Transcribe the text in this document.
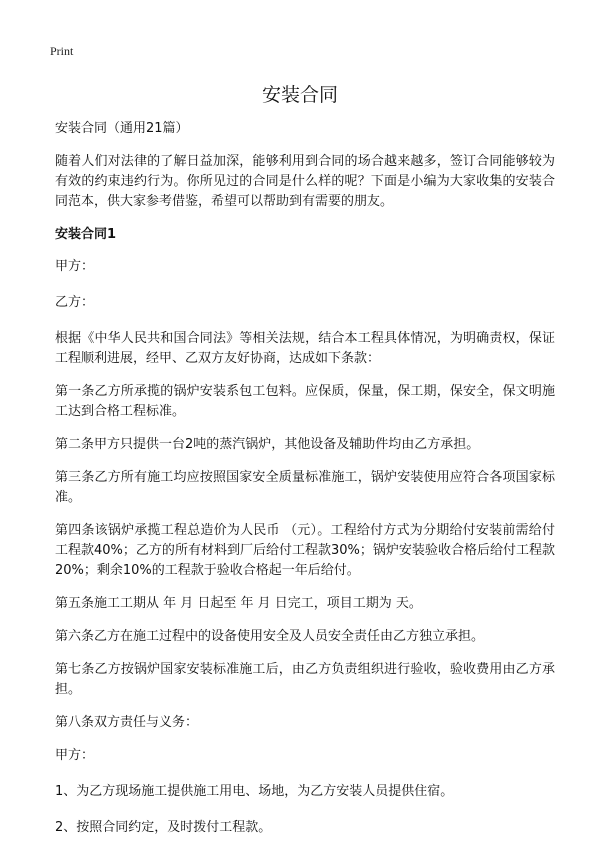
Print
安装合同

安装合同（通用21篇）

随着人们对法律的了解日益加深，能够利用到合同的场合越来越多，签订合同能够较为有效的约束违约行为。你所见过的合同是什么样的呢？下面是小编为大家收集的安装合同范本，供大家参考借鉴，希望可以帮助到有需要的朋友。

安装合同1

甲方：

乙方：

根据《中华人民共和国合同法》等相关法规，结合本工程具体情况，为明确责权，保证工程顺利进展，经甲、乙双方友好协商，达成如下条款：

第一条乙方所承揽的锅炉安装系包工包料。应保质，保量，保工期，保安全，保文明施工达到合格工程标准。

第二条甲方只提供一台2吨的蒸汽锅炉，其他设备及辅助件均由乙方承担。

第三条乙方所有施工均应按照国家安全质量标准施工，锅炉安装使用应符合各项国家标准。

第四条该锅炉承揽工程总造价为人民币 （元）。工程给付方式为分期给付安装前需给付工程款40%；乙方的所有材料到厂后给付工程款30%；锅炉安装验收合格后给付工程款20%；剩余10%的工程款于验收合格起一年后给付。

第五条施工工期从 年 月 日起至 年 月 日完工，项目工期为 天。

第六条乙方在施工过程中的设备使用安全及人员安全责任由乙方独立承担。

第七条乙方按锅炉国家安装标准施工后，由乙方负责组织进行验收，验收费用由乙方承担。

第八条双方责任与义务：

甲方：

1、为乙方现场施工提供施工用电、场地，为乙方安装人员提供住宿。

2、按照合同约定，及时拨付工程款。
